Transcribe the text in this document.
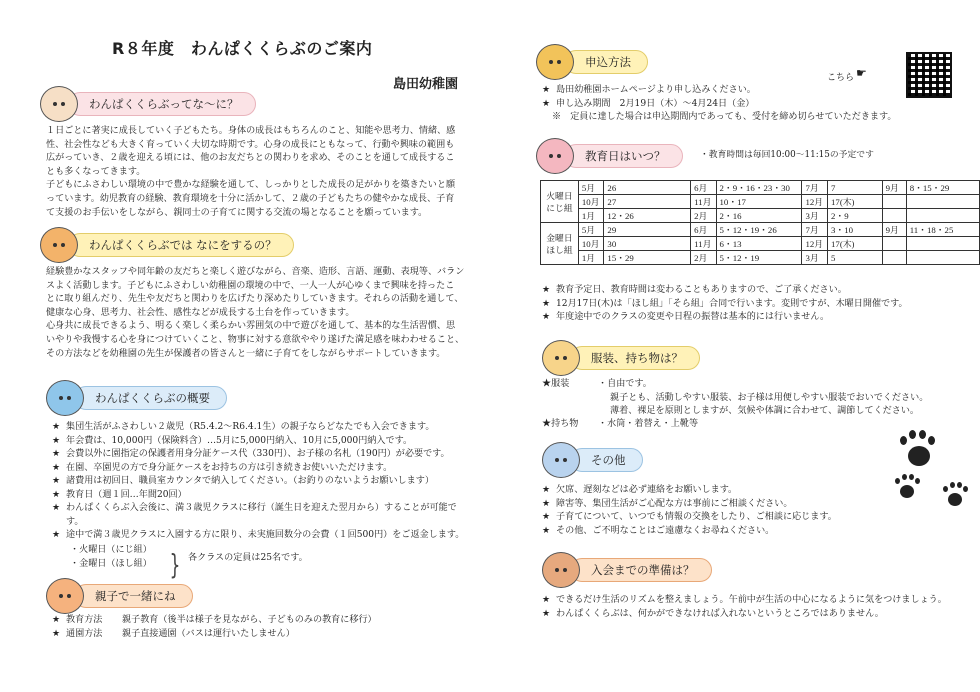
R８年度　わんぱくくらぶのご案内
島田幼稚園
わんぱくくらぶってな〜に？
１日ごとに著実に成長していく子どもたち。身体の成長はもちろんのこと、知能や思考力、情緒、感
性、社会性なども大きく育っていく大切な時期です。心身の成長にともなって、行動や興味の範囲も
広がっていき、２歳を迎える頃には、他のお友だちとの関わりを求め、そのことを通して成長するこ
とも多くなってきます。
子どもにふさわしい環境の中で豊かな経験を通して、しっかりとした成長の足がかりを築きたいと願
っています。幼児教育の経験、教育環境を十分に活かして、２歳の子どもたちの健やかな成長、子育
て支援のお手伝いをしながら、親同士の子育てに関する交流の場となることを願っています。
わんぱくくらぶでは なにをするの？
経験豊かなスタッフや同年齢の友だちと楽しく遊びながら、音楽、造形、言語、運動、表現等、バラン
スよく活動します。子どもにふさわしい幼稚園の環境の中で、一人一人が心ゆくまで興味を持ったこ
とに取り組んだり、先生や友だちと関わりを広げたり深めたりしていきます。それらの活動を通して、
健康な心身、思考力、社会性、感性などが成長する土台を作っていきます。
心身共に成長できるよう、明るく楽しく柔らかい雰囲気の中で遊びを通して、基本的な生活習慣、思
いやりや我慢する心を身につけていくこと、物事に対する意欲ややり遂げた満足感を味わわせること、
その方法などを幼稚園の先生が保護者の皆さんと一緒に子育てをしながらサポートしていきます。
わんぱくくらぶの概要
★ 集団生活がふさわしい２歳児（R5.4.2〜R6.4.1生）の親子ならどなたでも入会できます。
★ 年会費は、10,000円（保険料含）…5月に5,000円納入、10月に5,000円納入です。
★ 会費以外に園指定の保護者用身分証ケース代（330円）、お子様の名札（190円）が必要です。
★ 在園、卒園児の方で身分証ケースをお持ちの方は引き続きお使いいただけます。
★ 諸費用は初回日、職員室カウンタで納入してください。（お釣りのないようお願いします）
★ 教育日（週１回…年間20回）
★ わんぱくくらぶ入会後に、満３歳児クラスに移行（誕生日を迎えた翌月から）することが可能で
す。
★ 途中で満３歳児クラスに入園する方に限り、未実施回数分の会費（１回500円）をご返金します。
・火曜日（にじ組）
・金曜日（ほし組） } 各クラスの定員は25名です。
親子で一緒にね
★ 教育方法 親子教育（後半は様子を見ながら、子どものみの教育に移行）
★ 通園方法 親子直接通園（バスは運行いたしません）
申込方法
こちら ☛
★ 島田幼稚園ホームページより申し込みください。
★ 申し込み期間　2月19日（木）〜4月24日（金）
※　定員に達した場合は申込期間内であっても、受付を締め切らせていただきます。
教育日はいつ？	・教育時間は毎回10:00〜11:15の予定です
火曜日
にじ組	5月	26	6月	2・9・16・23・30	7月	7	9月	8・15・29
	10月	27	11月	10・17	12月	17(木)		
	1月	12・26	2月	2・16	3月	2・9		

金曜日
ほし組	5月	29	6月	5・12・19・26	7月	3・10	9月	11・18・25
	10月	30	11月	6・13	12月	17(木)		
	1月	15・29	2月	5・12・19	3月	5		
★ 教育予定日、教育時間は変わることもありますので、ご了承ください。
★ 12月17日(木)は「ほし組」「そら組」合同で行います。変則ですが、木曜日開催です。
★ 年度途中でのクラスの変更や日程の振替は基本的には行いません。
服装、持ち物は？
★服装	・自由です。
親子とも、活動しやすい服装、お子様は用便しやすい服装でおいでください。
薄着、裸足を原則としますが、気候や体調に合わせて、調節してください。
★持ち物 ・水筒・着替え・上靴等
その他
★ 欠席、遅刻などは必ず連絡をお願いします。
★ 障害等、集団生活がご心配な方は事前にご相談ください。
★ 子育てについて、いつでも情報の交換をしたり、ご相談に応じます。
★ その他、ご不明なことはご遠慮なくお尋ねください。
入会までの準備は？
★ できるだけ生活のリズムを整えましょう。午前中が生活の中心になるように気をつけましょう。
★ わんぱくくらぶは、何かができなければ入れないというところではありません。
